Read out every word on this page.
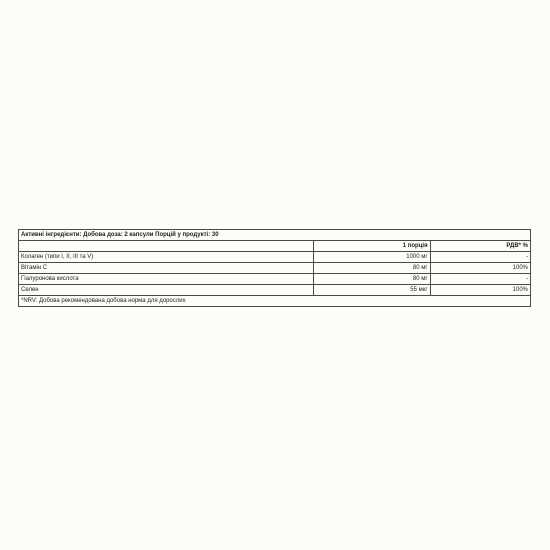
Активні інгредієнти: Добова доза: 2 капсули Порцій у продукті: 30		
	1 порція	РДВ* %
Колаген (типи I, II, III та V)	1000 мг	-
Вітамін C	80 мг	100%
Гіалуронова кислота	80 мг	-
Селен	55 мкг	100%
*NRV: Добова рекомендована добова норма для дорослих		
